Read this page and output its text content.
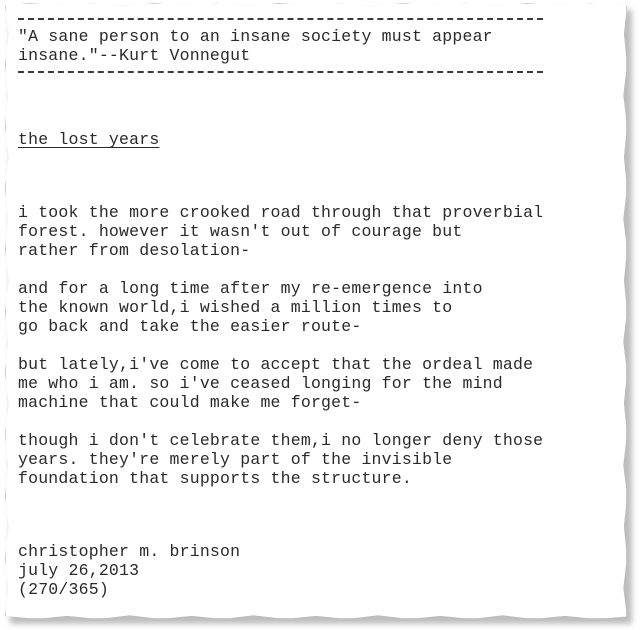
"A sane person to an insane society must appear
insane."--Kurt Vonnegut
the lost years
i took the more crooked road through that proverbial
forest. however it wasn't out of courage but
rather from desolation-
and for a long time after my re-emergence into
the known world,i wished a million times to
go back and take the easier route-
but lately,i've come to accept that the ordeal made
me who i am. so i've ceased longing for the mind
machine that could make me forget-
though i don't celebrate them,i no longer deny those
years. they're merely part of the invisible
foundation that supports the structure.
christopher m. brinson
july 26,2013
(270/365)
